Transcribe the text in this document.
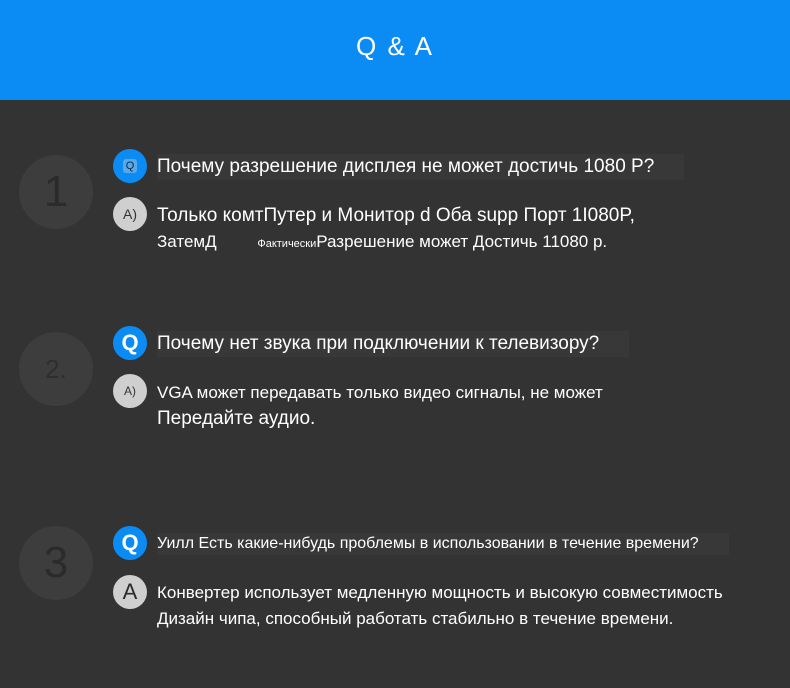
Q & A
1
Q Почему разрешение дисплея не может достичь 1080 P?
A)	Только комтПутер и Монитор d Oба supp Порт 1I080P,
ЗатемД	ФактическиРазрешение может Достичь 11080 р.
2.
Q Почему нет звука при подключении к телевизору?
A)	VGA может передавать только видео сигналы, не может
Передайте аудио.
3	Q	Уилл Есть какие-нибудь проблемы в использовании в течение времени?
A	Конвертер использует медленную мощность и высокую совместимость
Дизайн чипа, способный работать стабильно в течение времени.
